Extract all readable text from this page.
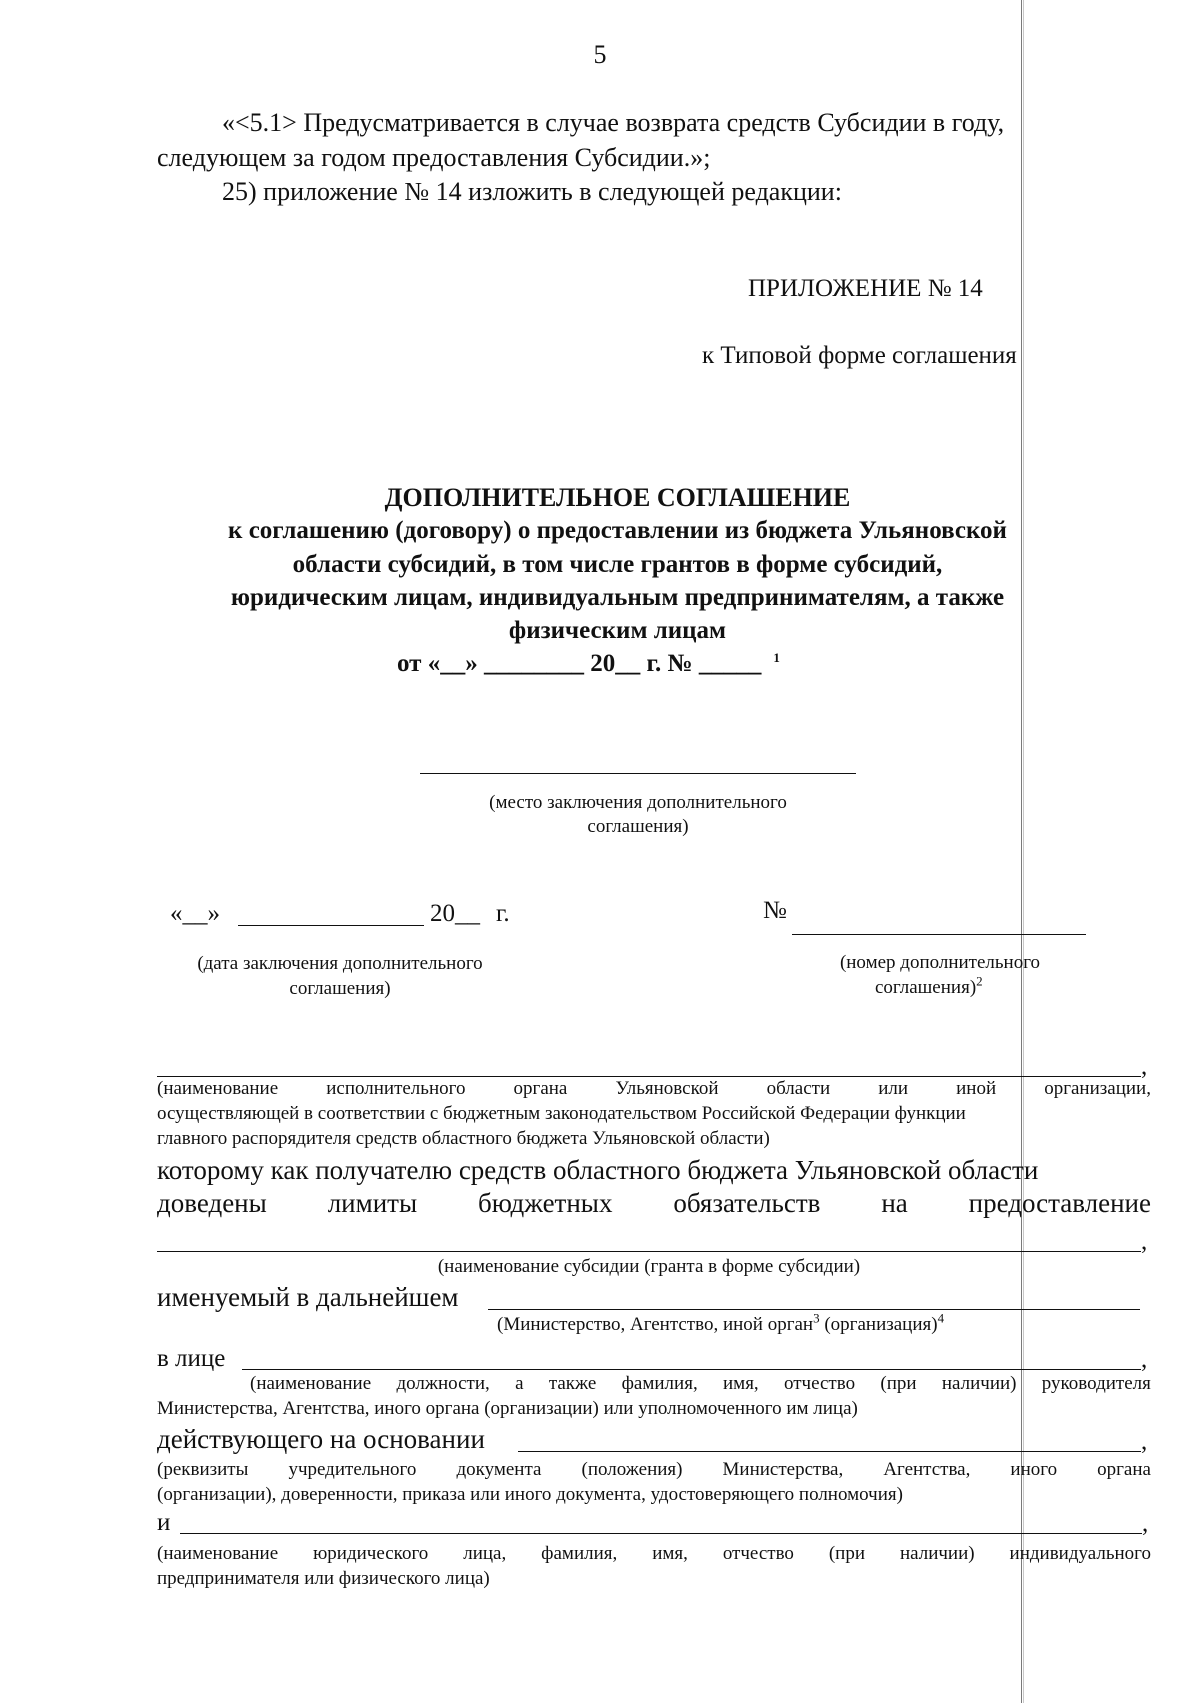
5
«<5.1> Предусматривается в случае возврата средств Субсидии в году,
следующем за годом предоставления Субсидии.»;
25) приложение № 14 изложить в следующей редакции:
ПРИЛОЖЕНИЕ № 14
к Типовой форме соглашения
ДОПОЛНИТЕЛЬНОЕ СОГЛАШЕНИЕ
к соглашению (договору) о предоставлении из бюджета Ульяновской
области субсидий, в том числе грантов в форме субсидий,
юридическим лицам, индивидуальным предпринимателям, а также
физическим лицам
от «__» ________ 20__ г. № _____ $^1$
(место заключения дополнительного
соглашения)
«__»	20__ г.
(дата заключения дополнительного
соглашения)
№
(номер дополнительного
соглашения)$^2$
,
(наименование	исполнительного	органа	Ульяновской	области	или	иной	организации,
осуществляющей в соответствии с бюджетным законодательством Российской Федерации функции
главного распорядителя средств областного бюджета Ульяновской области)
которому как получателю средств областного бюджета Ульяновской области
доведены лимиты бюджетных обязательств на предоставление
,
(наименование субсидии (гранта в форме субсидии)
именуемый в дальнейшем
(Министерство, Агентство, иной орган$^3$ (организация)$^4$
в лице	,
(наименование должности, а также фамилия, имя, отчество (при наличии) руководителя
Министерства, Агентства, иного органа (организации) или уполномоченного им лица)
действующего на основании	,
(реквизиты учредительного документа (положения) Министерства, Агентства, иного органа
(организации), доверенности, приказа или иного документа, удостоверяющего полномочия)
и	,
(наименование юридического лица, фамилия, имя, отчество (при наличии) индивидуального
предпринимателя или физического лица)
